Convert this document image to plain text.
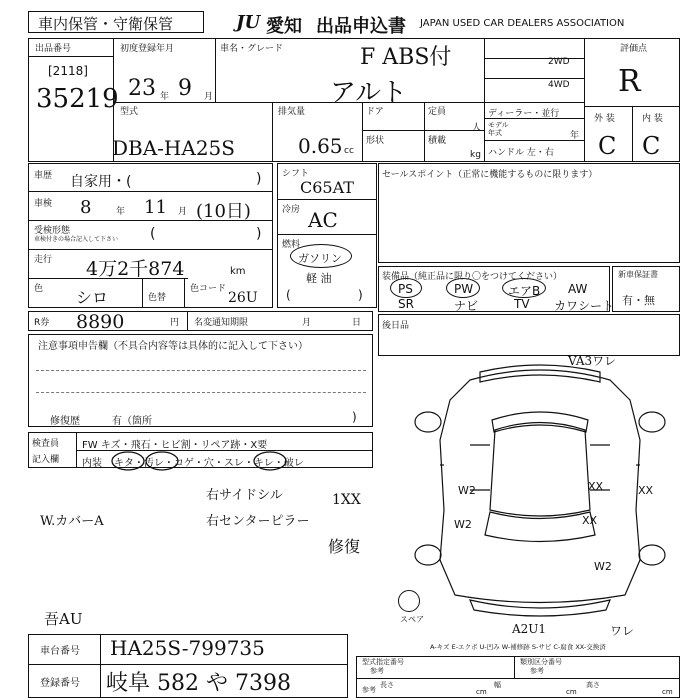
車内保管・守衛保管	JU 愛知 出品申込書 JAPAN USED CAR DEALERS ASSOCIATION
出品番号
[2118]
35219
初度登録年月
23 年 9 月
車名・グレード	F ABS付
アルト
2WD
4WD
評価点
R
外 装	内 装
C C
型式
DBA-HA25S
排気量
0.65 cc
ドア	定員
人
形状	積載
kg
ディーラー・並行
モデル
年式	年
ハンドル 左・右
車歴 自家用・(	)
車検 8	年 11 月 (10日)
受検形態
車検付きの場合記入して下さい (	)
走行 4万2千874	km
色 シロ	色替
色コード
26U
シフト
C65AT
冷房 AC
燃料
ガソリン
軽 油
(	)
セールスポイント（正常に機能するものに限ります）
装備品（純正品に限り〇をつけてください）
PS	PW	エアB AW
SR	ナビ	TV カワシート
新車保証書
有・無
R券 8890	円 名変通知期限	月	日 後日品
注意事項申告欄（不具合内容等は具体的に記入して下さい）
修復歴	有（箇所	)
検査員
記入欄
FW キズ・飛石・ヒビ割・リペア跡・X要
内装 キタ・汚レ・コゲ・穴・スレ・キレ・破レ
右サイドシル
右センターピラー
1XX
修復
W.カバーA
吾AU
VA3ワレ
W2
W2
XX
XX
XX
W2
スペア
A2U1	ワレ
A-キズ E-エクボ U-凹み W-補修跡 S-サビ C-腐食 XX-交換済
車台番号 HA25S-799735
登録番号 岐阜 582 や 7398
型式指定番号
参考
類別区分番号
参考
参考
長さ
cm
幅
cm
高さ
cm
